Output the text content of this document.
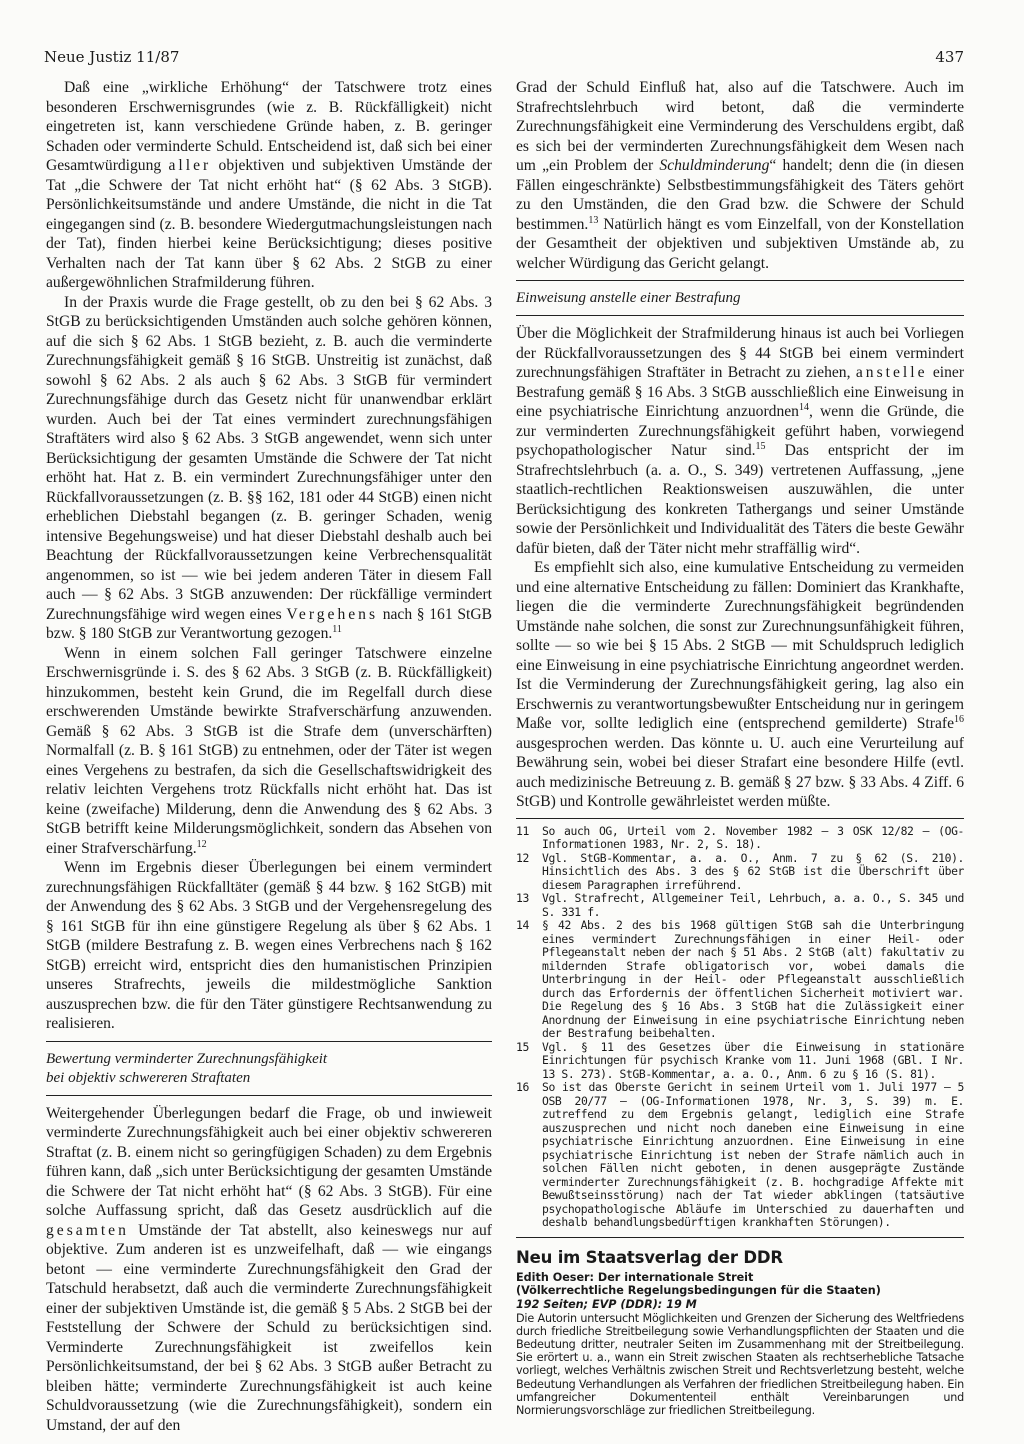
Neue Justiz 11/87	437

Daß eine „wirkliche Erhöhung“ der Tatschwere trotz eines besonderen Erschwernisgrundes (wie z. B. Rückfälligkeit) nicht eingetreten ist, kann verschiedene Gründe haben, z. B. geringer Schaden oder verminderte Schuld. Entscheidend ist, daß sich bei einer Gesamtwürdigung aller objektiven und subjektiven Umstände der Tat „die Schwere der Tat nicht erhöht hat“ (§ 62 Abs. 3 StGB). Persönlichkeitsumstände und andere Umstände, die nicht in die Tat eingegangen sind (z. B. besondere Wiedergutmachungsleistungen nach der Tat), finden hierbei keine Berücksichtigung; dieses positive Verhalten nach der Tat kann über § 62 Abs. 2 StGB zu einer außergewöhnlichen Strafmilderung führen.

In der Praxis wurde die Frage gestellt, ob zu den bei § 62 Abs. 3 StGB zu berücksichtigenden Umständen auch solche gehören können, auf die sich § 62 Abs. 1 StGB bezieht, z. B. auch die verminderte Zurechnungsfähigkeit gemäß § 16 StGB. Unstreitig ist zunächst, daß sowohl § 62 Abs. 2 als auch § 62 Abs. 3 StGB für vermindert Zurechnungsfähige durch das Gesetz nicht für unanwendbar erklärt wurden. Auch bei der Tat eines vermindert zurechnungsfähigen Straftäters wird also § 62 Abs. 3 StGB angewendet, wenn sich unter Berücksichtigung der gesamten Umstände die Schwere der Tat nicht erhöht hat. Hat z. B. ein vermindert Zurechnungsfähiger unter den Rückfallvoraussetzungen (z. B. §§ 162, 181 oder 44 StGB) einen nicht erheblichen Diebstahl begangen (z. B. geringer Schaden, wenig intensive Begehungsweise) und hat dieser Diebstahl deshalb auch bei Beachtung der Rückfallvoraussetzungen keine Verbrechensqualität angenommen, so ist — wie bei jedem anderen Täter in diesem Fall auch — § 62 Abs. 3 StGB anzuwenden: Der rückfällige vermindert Zurechnungsfähige wird wegen eines Vergehens nach § 161 StGB bzw. § 180 StGB zur Verantwortung gezogen.$^{11}$

Wenn in einem solchen Fall geringer Tatschwere einzelne Erschwernisgründe i. S. des § 62 Abs. 3 StGB (z. B. Rückfälligkeit) hinzukommen, besteht kein Grund, die im Regelfall durch diese erschwerenden Umstände bewirkte Strafverschärfung anzuwenden. Gemäß § 62 Abs. 3 StGB ist die Strafe dem (unverschärften) Normalfall (z. B. § 161 StGB) zu entnehmen, oder der Täter ist wegen eines Vergehens zu bestrafen, da sich die Gesellschaftswidrigkeit des relativ leichten Vergehens trotz Rückfalls nicht erhöht hat. Das ist keine (zweifache) Milderung, denn die Anwendung des § 62 Abs. 3 StGB betrifft keine Milderungsmöglichkeit, sondern das Absehen von einer Strafverschärfung.$^{12}$

Wenn im Ergebnis dieser Überlegungen bei einem vermindert zurechnungsfähigen Rückfalltäter (gemäß § 44 bzw. § 162 StGB) mit der Anwendung des § 62 Abs. 3 StGB und der Vergehensregelung des § 161 StGB für ihn eine günstigere Regelung als über § 62 Abs. 1 StGB (mildere Bestrafung z. B. wegen eines Verbrechens nach § 162 StGB) erreicht wird, entspricht dies den humanistischen Prinzipien unseres Strafrechts, jeweils die mildestmögliche Sanktion auszusprechen bzw. die für den Täter günstigere Rechtsanwendung zu realisieren.

Bewertung verminderter Zurechnungsfähigkeit
bei objektiv schwereren Straftaten

Weitergehender Überlegungen bedarf die Frage, ob und inwieweit verminderte Zurechnungsfähigkeit auch bei einer objektiv schwereren Straftat (z. B. einem nicht so geringfügigen Schaden) zu dem Ergebnis führen kann, daß „sich unter Berücksichtigung der gesamten Umstände die Schwere der Tat nicht erhöht hat“ (§ 62 Abs. 3 StGB). Für eine solche Auffassung spricht, daß das Gesetz ausdrücklich auf die gesamten Umstände der Tat abstellt, also keineswegs nur auf objektive. Zum anderen ist es unzweifelhaft, daß — wie eingangs betont — eine verminderte Zurechnungsfähigkeit den Grad der Tatschuld herabsetzt, daß auch die verminderte Zurechnungsfähigkeit einer der subjektiven Umstände ist, die gemäß § 5 Abs. 2 StGB bei der Feststellung der Schwere der Schuld zu berücksichtigen sind. Verminderte Zurechnungsfähigkeit ist zweifellos kein Persönlichkeitsumstand, der bei § 62 Abs. 3 StGB außer Betracht zu bleiben hätte; verminderte Zurechnungsfähigkeit ist auch keine Schuldvoraussetzung (wie die Zurechnungsfähigkeit), sondern ein Umstand, der auf den

Grad der Schuld Einfluß hat, also auf die Tatschwere. Auch im Strafrechtslehrbuch wird betont, daß die verminderte Zurechnungsfähigkeit eine Verminderung des Verschuldens ergibt, daß es sich bei der verminderten Zurechnungsfähigkeit dem Wesen nach um „ein Problem der Schuldminderung“ handelt; denn die (in diesen Fällen eingeschränkte) Selbstbestimmungsfähigkeit des Täters gehört zu den Umständen, die den Grad bzw. die Schwere der Schuld bestimmen.$^{13}$ Natürlich hängt es vom Einzelfall, von der Konstellation der Gesamtheit der objektiven und subjektiven Umstände ab, zu welcher Würdigung das Gericht gelangt.

Einweisung anstelle einer Bestrafung

Über die Möglichkeit der Strafmilderung hinaus ist auch bei Vorliegen der Rückfallvoraussetzungen des § 44 StGB bei einem vermindert zurechnungsfähigen Straftäter in Betracht zu ziehen, anstelle einer Bestrafung gemäß § 16 Abs. 3 StGB ausschließlich eine Einweisung in eine psychiatrische Einrichtung anzuordnen$^{14}$, wenn die Gründe, die zur verminderten Zurechnungsfähigkeit geführt haben, vorwiegend psychopathologischer Natur sind.$^{15}$ Das entspricht der im Strafrechtslehrbuch (a. a. O., S. 349) vertretenen Auffassung, „jene staatlich-rechtlichen Reaktionsweisen auszuwählen, die unter Berücksichtigung des konkreten Tathergangs und seiner Umstände sowie der Persönlichkeit und Individualität des Täters die beste Gewähr dafür bieten, daß der Täter nicht mehr straffällig wird“.

Es empfiehlt sich also, eine kumulative Entscheidung zu vermeiden und eine alternative Entscheidung zu fällen: Dominiert das Krankhafte, liegen die die verminderte Zurechnungsfähigkeit begründenden Umstände nahe solchen, die sonst zur Zurechnungsunfähigkeit führen, sollte — so wie bei § 15 Abs. 2 StGB — mit Schuldspruch lediglich eine Einweisung in eine psychiatrische Einrichtung angeordnet werden. Ist die Verminderung der Zurechnungsfähigkeit gering, lag also ein Erschwernis zu verantwortungsbewußter Entscheidung nur in geringem Maße vor, sollte lediglich eine (entsprechend gemilderte) Strafe$^{16}$ ausgesprochen werden. Das könnte u. U. auch eine Verurteilung auf Bewährung sein, wobei bei dieser Strafart eine besondere Hilfe (evtl. auch medizinische Betreuung z. B. gemäß § 27 bzw. § 33 Abs. 4 Ziff. 6 StGB) und Kontrolle gewährleistet werden müßte.

11	So auch OG, Urteil vom 2. November 1982 — 3 OSK 12/82 — (OG-Informationen 1983, Nr. 2, S. 18).
12	Vgl. StGB-Kommentar, a. a. O., Anm. 7 zu § 62 (S. 210). Hinsichtlich des Abs. 3 des § 62 StGB ist die Überschrift über diesem Paragraphen irreführend.
13	Vgl. Strafrecht, Allgemeiner Teil, Lehrbuch, a. a. O., S. 345 und S. 331 f.
14	§ 42 Abs. 2 des bis 1968 gültigen StGB sah die Unterbringung eines vermindert Zurechnungsfähigen in einer Heil- oder Pflegeanstalt neben der nach § 51 Abs. 2 StGB (alt) fakultativ zu mildernden Strafe obligatorisch vor, wobei damals die Unterbringung in der Heil- oder Pflegeanstalt ausschließlich durch das Erfordernis der öffentlichen Sicherheit motiviert war. Die Regelung des § 16 Abs. 3 StGB hat die Zulässigkeit einer Anordnung der Einweisung in eine psychiatrische Einrichtung neben der Bestrafung beibehalten.
15	Vgl. § 11 des Gesetzes über die Einweisung in stationäre Einrichtungen für psychisch Kranke vom 11. Juni 1968 (GBl. I Nr. 13 S. 273). StGB-Kommentar, a. a. O., Anm. 6 zu § 16 (S. 81).
16	So ist das Oberste Gericht in seinem Urteil vom 1. Juli 1977 — 5 OSB 20/77 — (OG-Informationen 1978, Nr. 3, S. 39) m. E. zutreffend zu dem Ergebnis gelangt, lediglich eine Strafe auszusprechen und nicht noch daneben eine Einweisung in eine psychiatrische Einrichtung anzuordnen. Eine Einweisung in eine psychiatrische Einrichtung ist neben der Strafe nämlich auch in solchen Fällen nicht geboten, in denen ausgeprägte Zustände verminderter Zurechnungsfähigkeit (z. B. hochgradige Affekte mit Bewußtseinsstörung) nach der Tat wieder abklingen (tatsäutive psychopathologische Abläufe im Unterschied zu dauerhaften und deshalb behandlungsbedürftigen krankhaften Störungen).
Neu im Staatsverlag der DDR
Edith Oeser: Der internationale Streit
(Völkerrechtliche Regelungsbedingungen für die Staaten)
192 Seiten; EVP (DDR): 19 M
Die Autorin untersucht Möglichkeiten und Grenzen der Sicherung des Weltfriedens durch friedliche Streitbeilegung sowie Verhandlungspflichten der Staaten und die Bedeutung dritter, neutraler Seiten im Zusammenhang mit der Streitbeilegung. Sie erörtert u. a., wann ein Streit zwischen Staaten als rechtserhebliche Tatsache vorliegt, welches Verhältnis zwischen Streit und Rechtsverletzung besteht, welche Bedeutung Verhandlungen als Verfahren der friedlichen Streitbeilegung haben. Ein umfangreicher Dokumententeil enthält Vereinbarungen und Normierungsvorschläge zur friedlichen Streitbeilegung.
